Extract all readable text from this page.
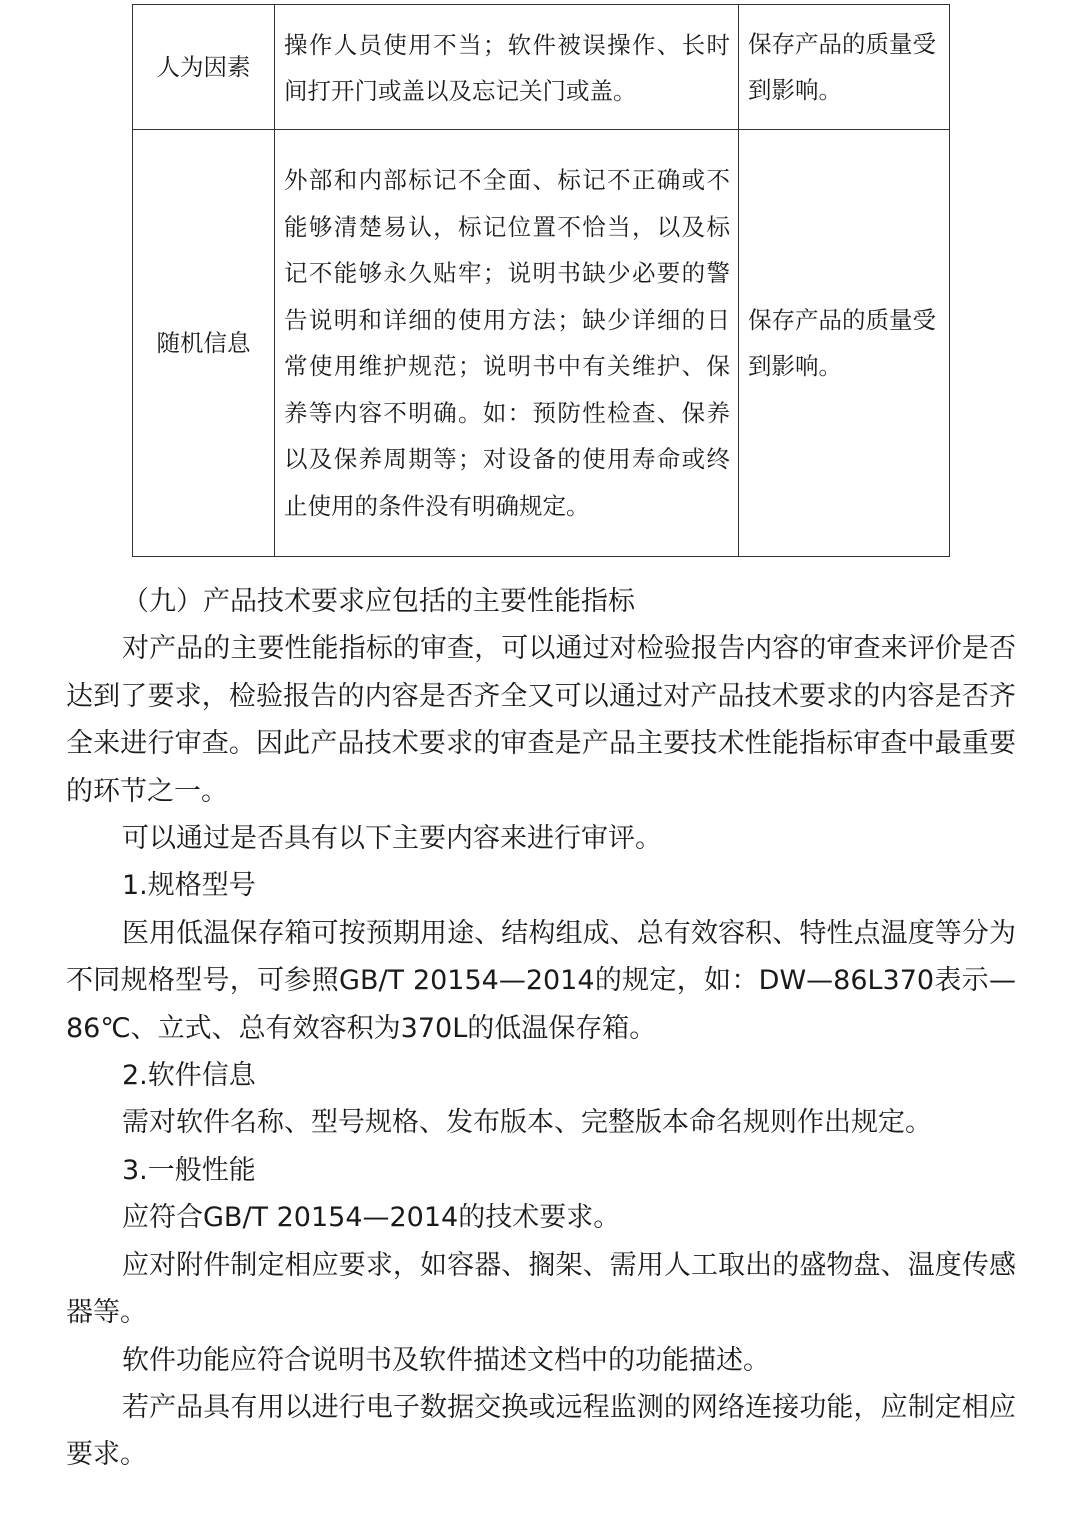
人为因素	操作人员使用不当；软件被误操作、长时间打开门或盖以及忘记关门或盖。	保存产品的质量受到影响。
随机信息	外部和内部标记不全面、标记不正确或不能够清楚易认，标记位置不恰当，以及标记不能够永久贴牢；说明书缺少必要的警告说明和详细的使用方法；缺少详细的日常使用维护规范；说明书中有关维护、保养等内容不明确。如：预防性检查、保养以及保养周期等；对设备的使用寿命或终止使用的条件没有明确规定。	保存产品的质量受到影响。

（九）产品技术要求应包括的主要性能指标

对产品的主要性能指标的审查，可以通过对检验报告内容的审查来评价是否达到了要求，检验报告的内容是否齐全又可以通过对产品技术要求的内容是否齐全来进行审查。因此产品技术要求的审查是产品主要技术性能指标审查中最重要的环节之一。

可以通过是否具有以下主要内容来进行审评。

1.规格型号

医用低温保存箱可按预期用途、结构组成、总有效容积、特性点温度等分为不同规格型号，可参照GB/T 20154—2014的规定，如：DW—86L370表示—86℃、立式、总有效容积为370L的低温保存箱。

2.软件信息

需对软件名称、型号规格、发布版本、完整版本命名规则作出规定。

3.一般性能

应符合GB/T 20154—2014的技术要求。

应对附件制定相应要求，如容器、搁架、需用人工取出的盛物盘、温度传感器等。

软件功能应符合说明书及软件描述文档中的功能描述。

若产品具有用以进行电子数据交换或远程监测的网络连接功能，应制定相应要求。
